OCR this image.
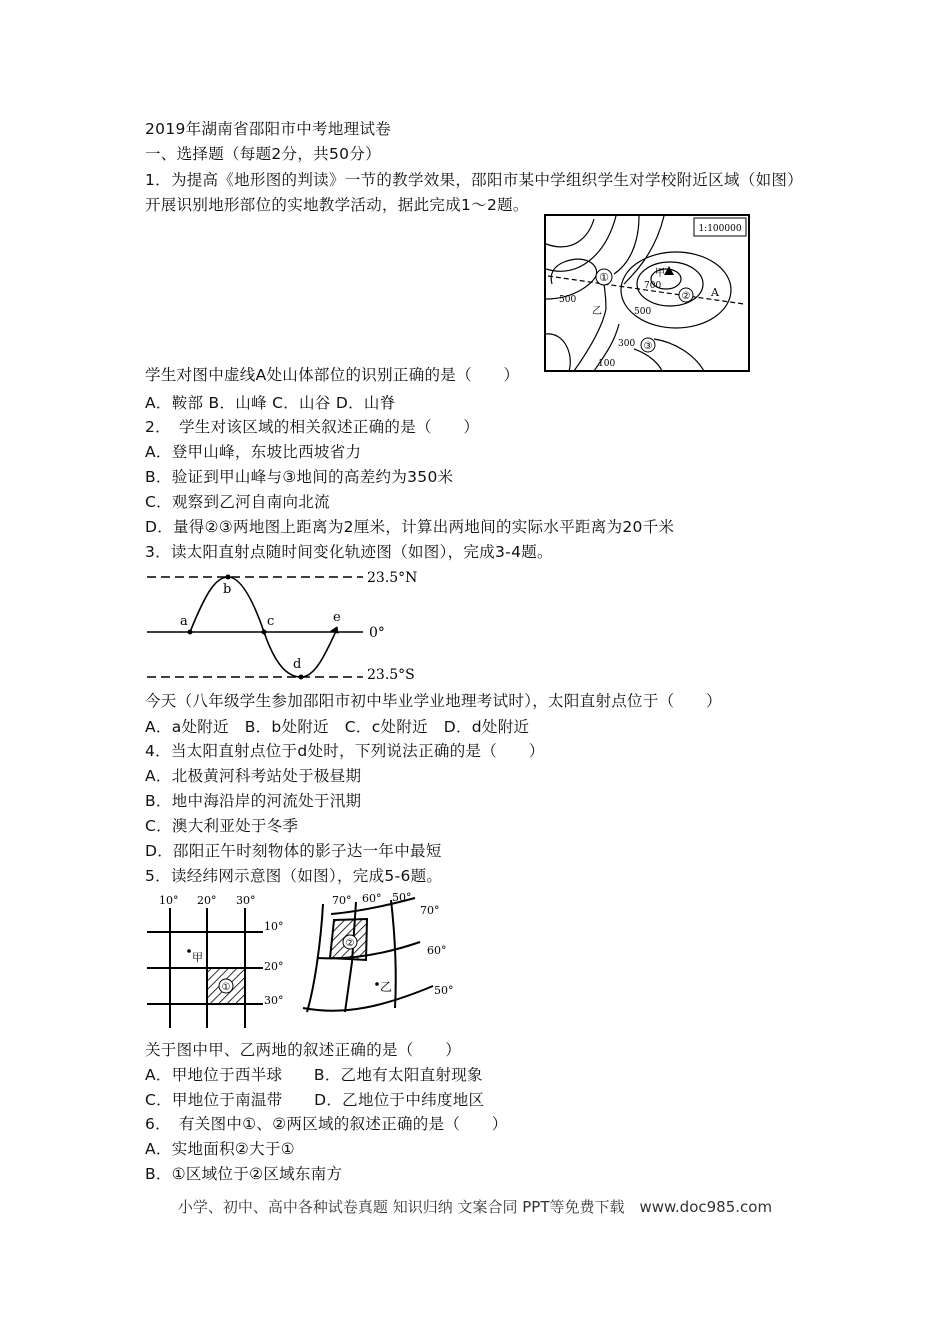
2019年湖南省邵阳市中考地理试卷
一、选择题（每题2分，共50分）
1．为提高《地形图的判读》一节的教学效果，邵阳市某中学组织学生对学校附近区域（如图）开展识别地形部位的实地教学活动，据此完成1～2题。
1:100000
①	甲
700
② A
500
乙	500
300 ③
100
学生对图中虚线A处山体部位的识别正确的是（　　）
A．鞍部 B．山峰 C．山谷 D．山脊
2．　学生对该区域的相关叙述正确的是（　　）
A．登甲山峰，东坡比西坡省力
B．验证到甲山峰与③地间的高差约为350米
C．观察到乙河自南向北流
D．量得②③两地图上距离为2厘米，计算出两地间的实际水平距离为20千米
3．读太阳直射点随时间变化轨迹图（如图），完成3-4题。
23.5°N
0°
23.5°S
a
b
c
d
e
今天（八年级学生参加邵阳市初中毕业学业地理考试时），太阳直射点位于（　　）
A．a处附近　B．b处附近　C．c处附近　D．d处附近
4．当太阳直射点位于d处时，下列说法正确的是（　　）
A．北极黄河科考站处于极昼期
B．地中海沿岸的河流处于汛期
C．澳大利亚处于冬季
D．邵阳正午时刻物体的影子达一年中最短
5．读经纬网示意图（如图），完成5-6题。
①
10° 20° 30°
10°
20°
30°
甲
②
70° 60° 50°
70°
60°
50°
乙
关于图中甲、乙两地的叙述正确的是（　　）
A．甲地位于西半球　　B．乙地有太阳直射现象
C．甲地位于南温带　　D．乙地位于中纬度地区
6．　有关图中①、②两区域的叙述正确的是（　　）
A．实地面积②大于①
B．①区域位于②区域东南方
小学、初中、高中各种试卷真题 知识归纳 文案合同 PPT等免费下载　www.doc985.com
